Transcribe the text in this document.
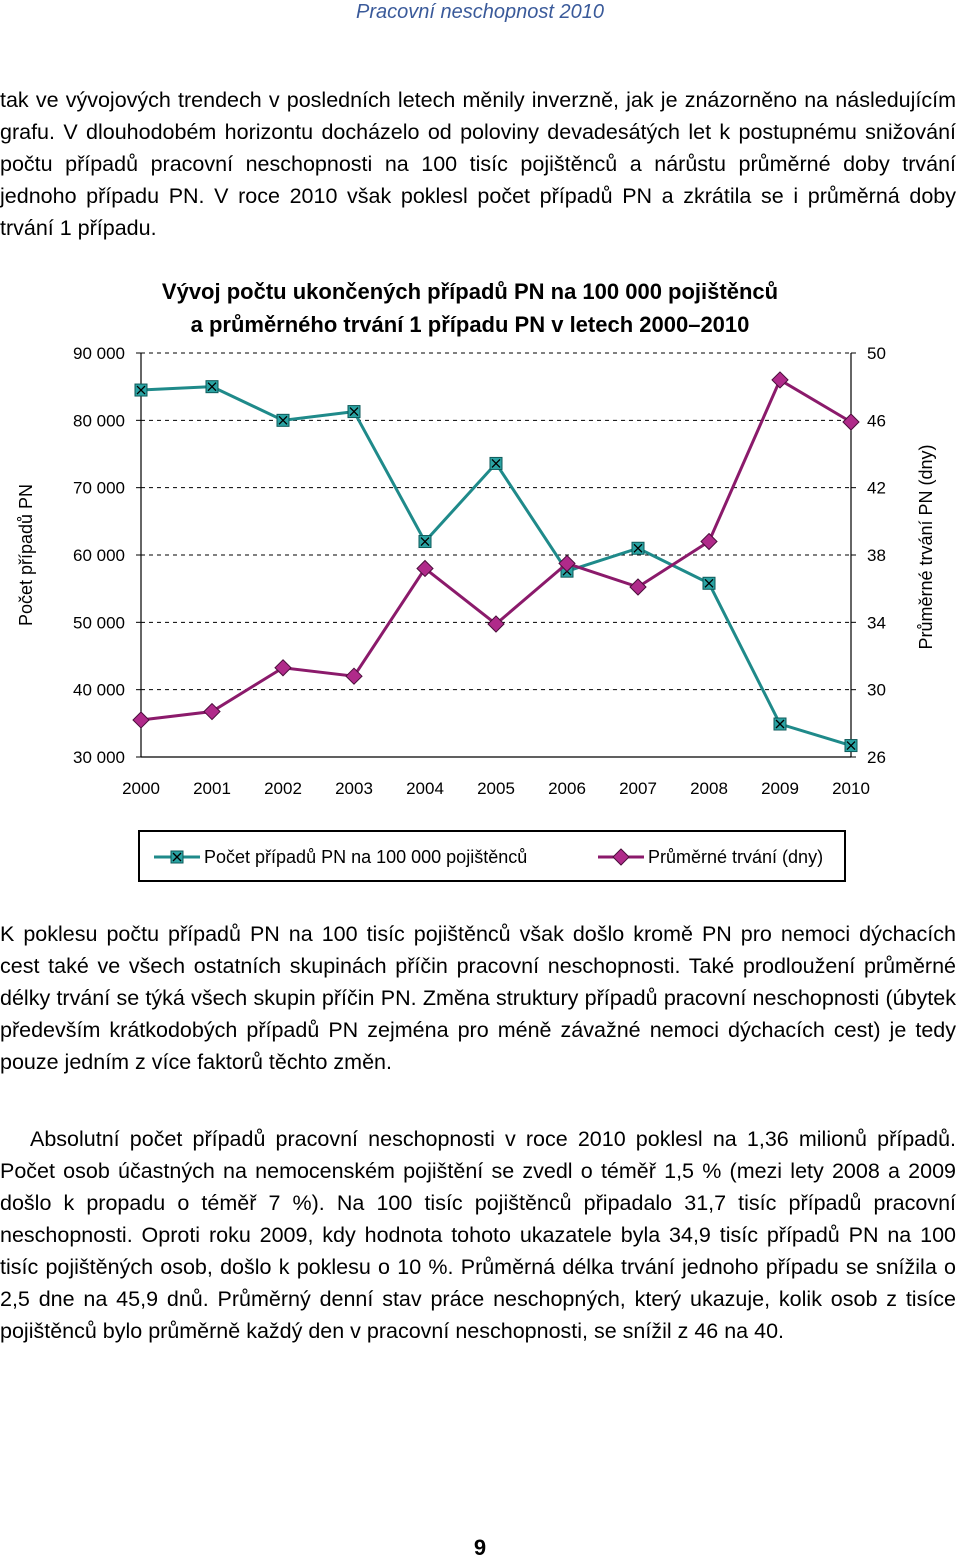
Pracovní neschopnost 2010

tak ve vývojových trendech v posledních letech měnily inverzně, jak je znázorněno na následujícím grafu. V dlouhodobém horizontu docházelo od poloviny devadesátých let k postupnému snižování počtu případů pracovní neschopnosti na 100 tisíc pojištěnců a nárůstu průměrné doby trvání jednoho případu PN. V roce 2010 však poklesl počet případů PN a zkrátila se i průměrná doby trvání 1 případu.

Vývoj počtu ukončených případů PN na 100 000 pojištěnců
a průměrného trvání 1 případu PN v letech 2000–2010
30 000	26
40 000	30
50 000	34
60 000	38
70 000	42
80 000	46
90 000	50
2000 2001 2002 2003 2004 2005 2006 2007 2008 2009 2010
Počet případů PN	Průměrné trvání PN (dny)
Počet případů PN na 100 000 pojištěnců	Průměrné trvání (dny)

K poklesu počtu případů PN na 100 tisíc pojištěnců však došlo kromě PN pro nemoci dýchacích cest také ve všech ostatních skupinách příčin pracovní neschopnosti. Také prodloužení průměrné délky trvání se týká všech skupin příčin PN. Změna struktury případů pracovní neschopnosti (úbytek především krátkodobých případů PN zejména pro méně závažné nemoci dýchacích cest) je tedy pouze jedním z více faktorů těchto změn.

Absolutní počet případů pracovní neschopnosti v roce 2010 poklesl na 1,36 milionů případů. Počet osob účastných na nemocenském pojištění se zvedl o téměř 1,5 % (mezi lety 2008 a 2009 došlo k propadu o téměř 7 %). Na 100 tisíc pojištěnců připadalo 31,7 tisíc případů pracovní neschopnosti. Oproti roku 2009, kdy hodnota tohoto ukazatele byla 34,9 tisíc případů PN na 100 tisíc pojištěných osob, došlo k poklesu o 10 %. Průměrná délka trvání jednoho případu se snížila o 2,5 dne na 45,9 dnů. Průměrný denní stav práce neschopných, který ukazuje, kolik osob z tisíce pojištěnců bylo průměrně každý den v pracovní neschopnosti, se snížil z 46 na 40.

9
